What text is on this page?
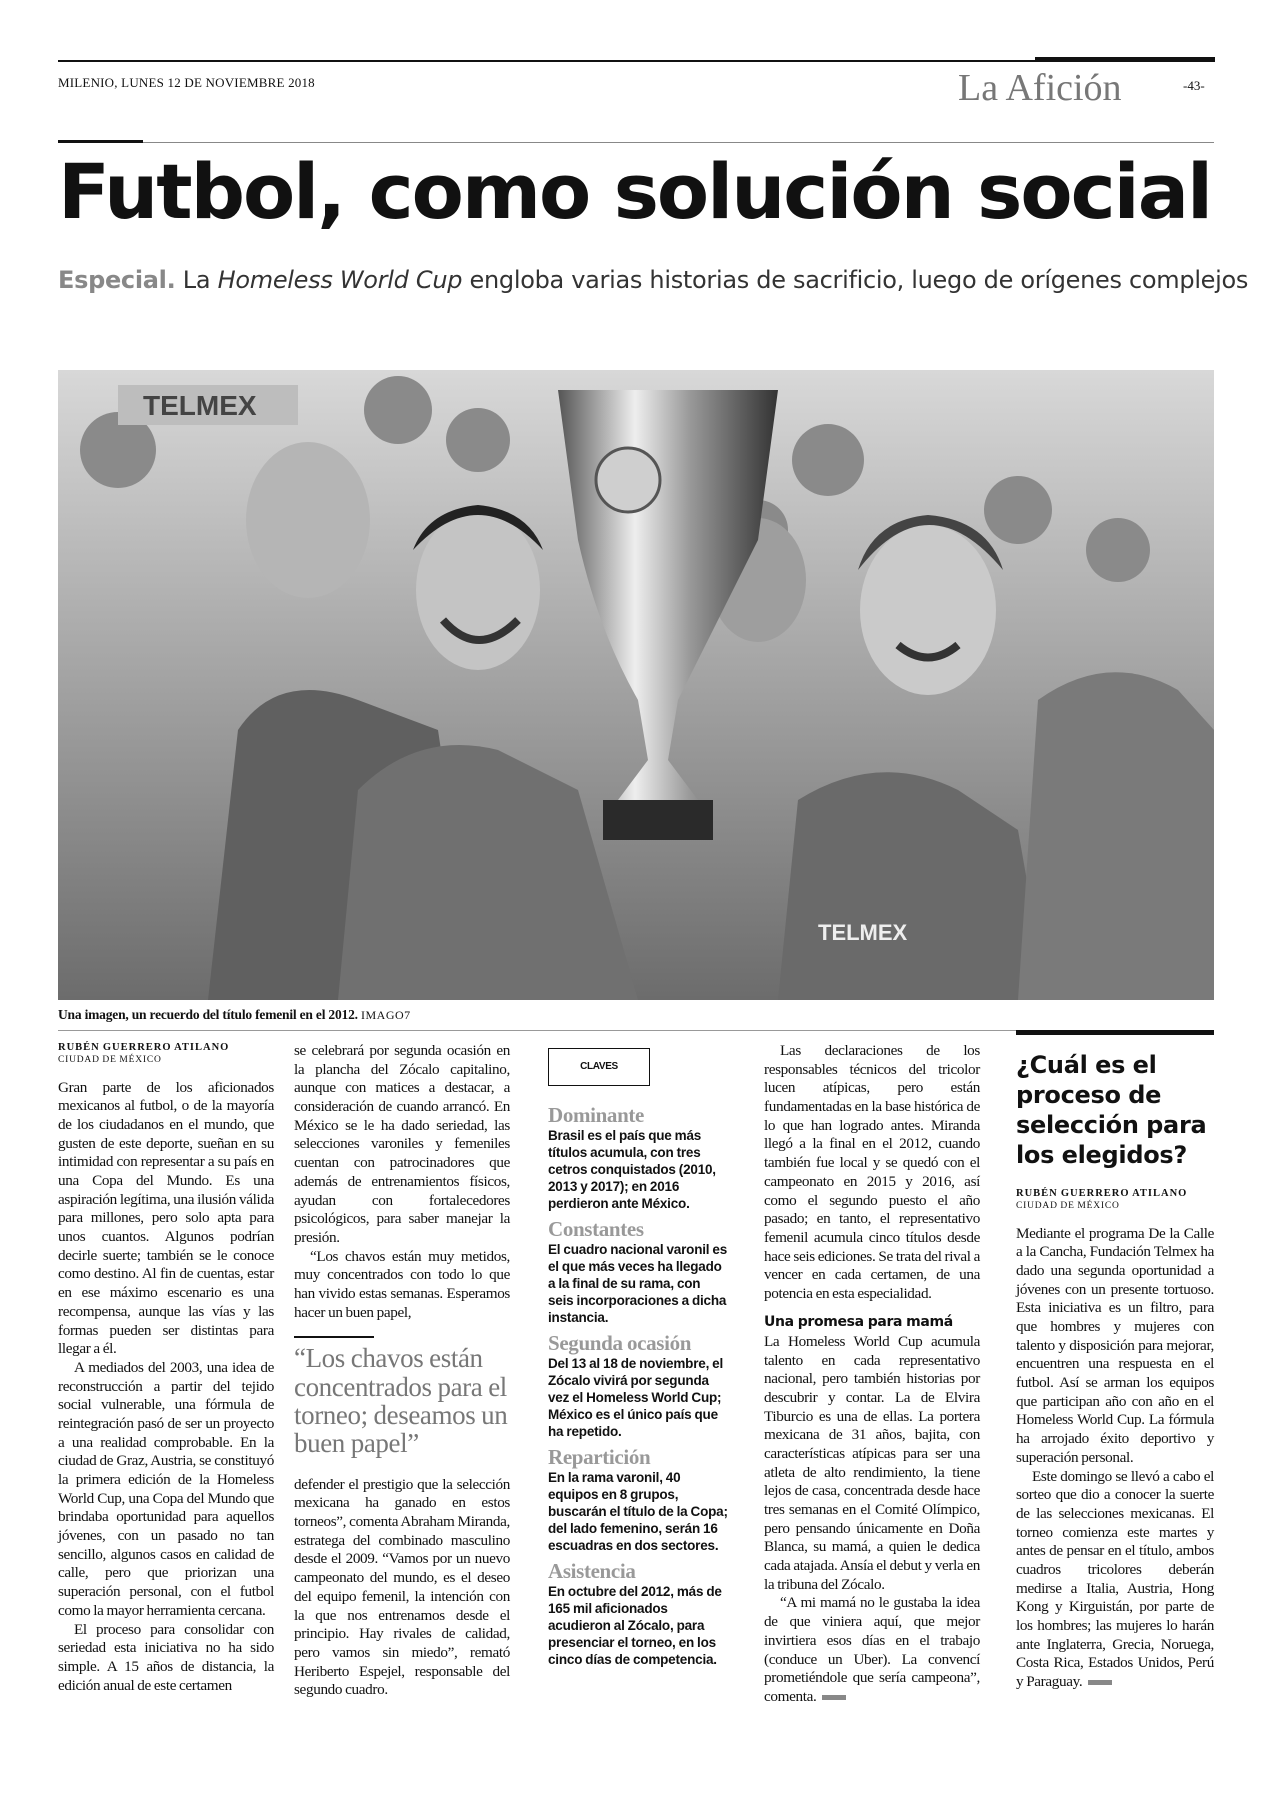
MILENIO, LUNES 12 DE NOVIEMBRE 2018	La Afición	-43-
Futbol, como solución social
Especial. La Homeless World Cup engloba varias historias de sacrificio, luego de orígenes complejos
TELMEX
TELMEX
Una imagen, un recuerdo del título femenil en el 2012. IMAGO7
RUBÉN GUERRERO ATILANO
CIUDAD DE MÉXICO

Gran parte de los aficionados mexicanos al futbol, o de la mayoría de los ciudadanos en el mundo, que gusten de este deporte, sueñan en su intimidad con representar a su país en una Copa del Mundo. Es una aspiración legítima, una ilusión válida para millones, pero solo apta para unos cuantos. Algunos podrían decirle suerte; también se le conoce como destino. Al fin de cuentas, estar en ese máximo escenario es una recompensa, aunque las vías y las formas pueden ser distintas para llegar a él.

A mediados del 2003, una idea de reconstrucción a partir del tejido social vulnerable, una fórmula de reintegración pasó de ser un proyecto a una realidad comprobable. En la ciudad de Graz, Austria, se constituyó la primera edición de la Homeless World Cup, una Copa del Mundo que brindaba oportunidad para aquellos jóvenes, con un pasado no tan sencillo, algunos casos en calidad de calle, pero que priorizan una superación personal, con el futbol como la mayor herramienta cercana.

El proceso para consolidar con seriedad esta iniciativa no ha sido simple. A 15 años de distancia, la edición anual de este certamen

se celebrará por segunda ocasión en la plancha del Zócalo capitalino, aunque con matices a destacar, a consideración de cuando arrancó. En México se le ha dado seriedad, las selecciones varoniles y femeniles cuentan con patrocinadores que además de entrenamientos físicos, ayudan con fortalecedores psicológicos, para saber manejar la presión.

“Los chavos están muy metidos, muy concentrados con todo lo que han vivido estas semanas. Esperamos hacer un buen papel,

“Los chavos están concentrados para el torneo; deseamos un buen papel”

defender el prestigio que la selección mexicana ha ganado en estos torneos”, comenta Abraham Miranda, estratega del combinado masculino desde el 2009. “Vamos por un nuevo campeonato del mundo, es el deseo del equipo femenil, la intención con la que nos entrenamos desde el principio. Hay rivales de calidad, pero vamos sin miedo”, remató Heriberto Espejel, responsable del segundo cuadro.

CLAVES
Dominante
Brasil es el país que más títulos acumula, con tres cetros conquistados (2010, 2013 y 2017); en 2016 perdieron ante México.
Constantes
El cuadro nacional varonil es el que más veces ha llegado a la final de su rama, con seis incorporaciones a dicha instancia.
Segunda ocasión
Del 13 al 18 de noviembre, el Zócalo vivirá por segunda vez el Homeless World Cup; México es el único país que ha repetido.
Repartición
En la rama varonil, 40 equipos en 8 grupos, buscarán el título de la Copa; del lado femenino, serán 16 escuadras en dos sectores.
Asistencia
En octubre del 2012, más de 165 mil aficionados acudieron al Zócalo, para presenciar el torneo, en los cinco días de competencia.

Las declaraciones de los responsables técnicos del tricolor lucen atípicas, pero están fundamentadas en la base histórica de lo que han logrado antes. Miranda llegó a la final en el 2012, cuando también fue local y se quedó con el campeonato en 2015 y 2016, así como el segundo puesto el año pasado; en tanto, el representativo femenil acumula cinco títulos desde hace seis ediciones. Se trata del rival a vencer en cada certamen, de una potencia en esta especialidad.

Una promesa para mamá

La Homeless World Cup acumula talento en cada representativo nacional, pero también historias por descubrir y contar. La de Elvira Tiburcio es una de ellas. La portera mexicana de 31 años, bajita, con características atípicas para ser una atleta de alto rendimiento, la tiene lejos de casa, concentrada desde hace tres semanas en el Comité Olímpico, pero pensando únicamente en Doña Blanca, su mamá, a quien le dedica cada atajada. Ansía el debut y verla en la tribuna del Zócalo.

“A mi mamá no le gustaba la idea de que viniera aquí, que mejor invirtiera esos días en el trabajo (conduce un Uber). La convencí prometiéndole que sería campeona”, comenta.

¿Cuál es el proceso de selección para los elegidos?
RUBÉN GUERRERO ATILANO
CIUDAD DE MÉXICO

Mediante el programa De la Calle a la Cancha, Fundación Telmex ha dado una segunda oportunidad a jóvenes con un presente tortuoso. Esta iniciativa es un filtro, para que hombres y mujeres con talento y disposición para mejorar, encuentren una respuesta en el futbol. Así se arman los equipos que participan año con año en el Homeless World Cup. La fórmula ha arrojado éxito deportivo y superación personal.

Este domingo se llevó a cabo el sorteo que dio a conocer la suerte de las selecciones mexicanas. El torneo comienza este martes y antes de pensar en el título, ambos cuadros tricolores deberán medirse a Italia, Austria, Hong Kong y Kirguistán, por parte de los hombres; las mujeres lo harán ante Inglaterra, Grecia, Noruega, Costa Rica, Estados Unidos, Perú y Paraguay.
